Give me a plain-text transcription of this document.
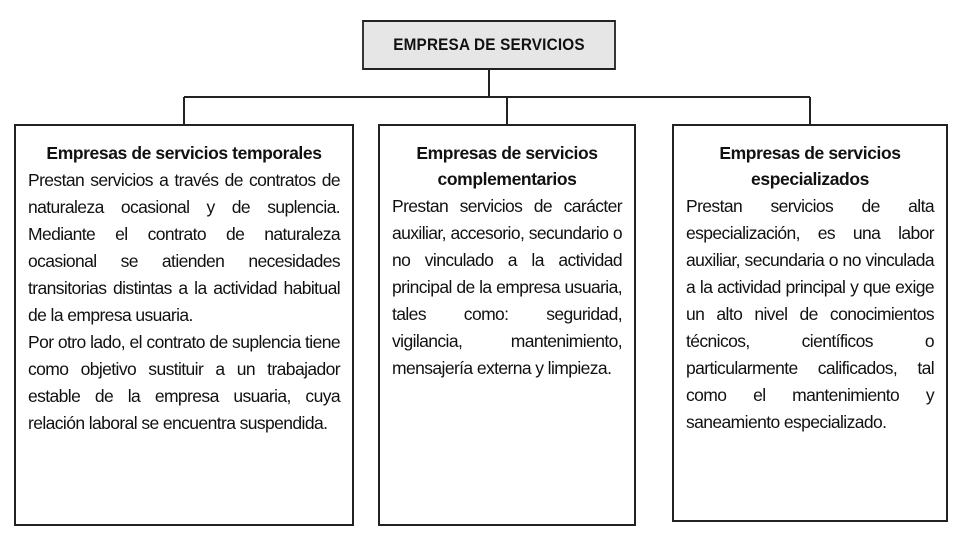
EMPRESA DE SERVICIOS
Empresas de servicios temporales

Prestan servicios a través de contratos de naturaleza ocasional y de suplencia. Mediante el contrato de naturaleza ocasional se atienden necesidades transitorias distintas a la actividad habitual de la empresa usuaria.

Por otro lado, el contrato de suplencia tiene como objetivo sustituir a un trabajador estable de la empresa usuaria, cuya relación laboral se encuentra suspendida.

Empresas de servicios complementarios

Prestan servicios de carácter auxiliar, accesorio, secundario o no vinculado a la actividad principal de la empresa usuaria, tales como: seguridad, vigilancia, mantenimiento, mensajería externa y limpieza.

Empresas de servicios especializados

Prestan servicios de alta especialización, es una labor auxiliar, secundaria o no vinculada a la actividad principal y que exige un alto nivel de conocimientos técnicos, científicos o particularmente calificados, tal como el mantenimiento y saneamiento especializado.
